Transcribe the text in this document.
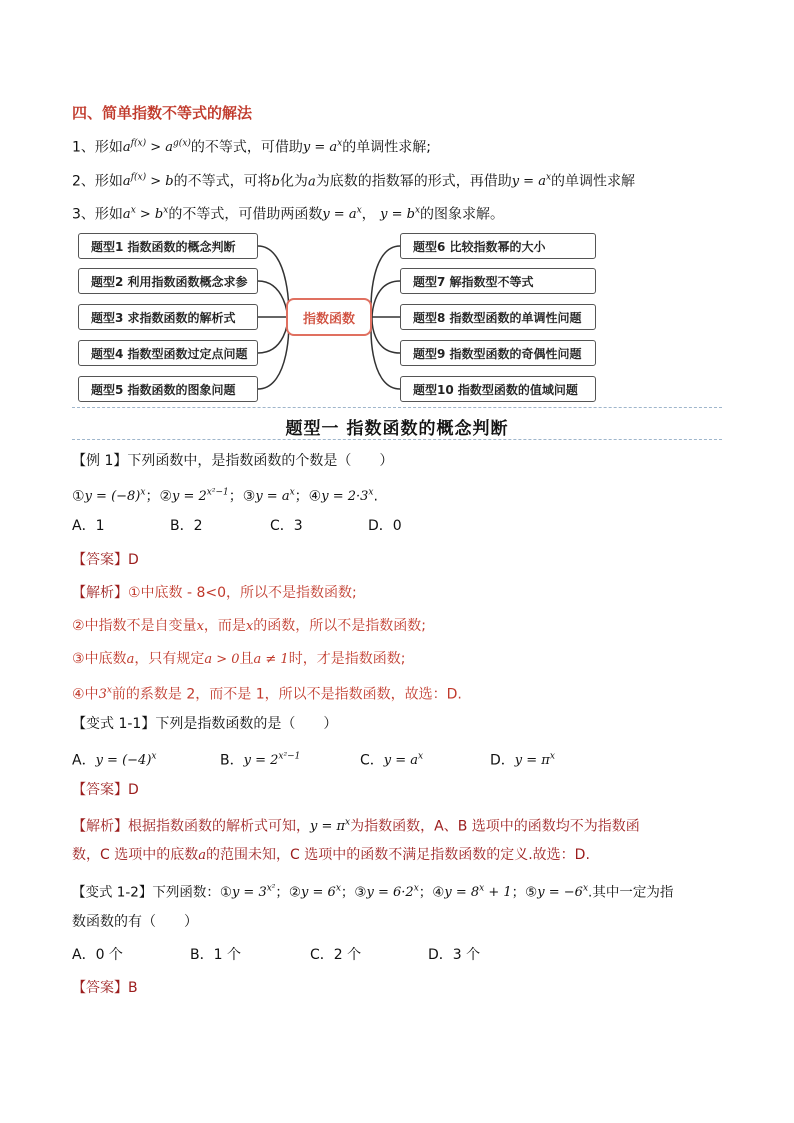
四、简单指数不等式的解法
1、形如$a^{f(x)} > a^{g(x)}$的不等式，可借助$y = a^x$的单调性求解;
2、形如$a^{f(x)} > b$的不等式，可将b化为a为底数的指数幂的形式，再借助$y = a^x$的单调性求解
3、形如$a^x > b^x$的不等式，可借助两函数$y = a^x$， $y = b^x$的图象求解。
题型1 指数函数的概念判断
题型2 利用指数函数概念求参
题型3 求指数函数的解析式
题型4 指数型函数过定点问题
题型5 指数函数的图象问题
指数函数
题型6 比较指数幂的大小
题型7 解指数型不等式
题型8 指数型函数的单调性问题
题型9 指数型函数的奇偶性问题
题型10 指数型函数的值域问题
题型一 指数函数的概念判断
【例 1】下列函数中，是指数函数的个数是（　　）
①y = $(-8)^x$；②y = $2^{x^2-1}$；③y = $a^x$；④y = $2\cdot 3^x$.
A．1	B．2	C．3	D．0
【答案】D
【解析】①中底数 - 8<0，所以不是指数函数;
②中指数不是自变量x，而是x的函数，所以不是指数函数;
③中底数a，只有规定a > 0且a ≠ 1时，才是指数函数;
④中3$^x$前的系数是 2，而不是 1，所以不是指数函数，故选：D.
【变式 1-1】下列是指数函数的是（　　）
A．$y = (-4)^x$	B．$y = 2^{x^2-1}$	C．$y = a^x$	D．$y = \pi^x$
【答案】D
【解析】根据指数函数的解析式可知，$y = \pi^x$为指数函数，A、B 选项中的函数均不为指数函
数，C 选项中的底数a的范围未知，C 选项中的函数不满足指数函数的定义.故选：D.
【变式 1-2】下列函数：①y = $3^{x^2}$；②y = $6^x$；③y = $6\cdot 2^x$；④y = $8^x + 1$；⑤y = $-6^x$.其中一定为指
数函数的有（　　）
A．0 个	B．1 个	C．2 个	D．3 个
【答案】B
